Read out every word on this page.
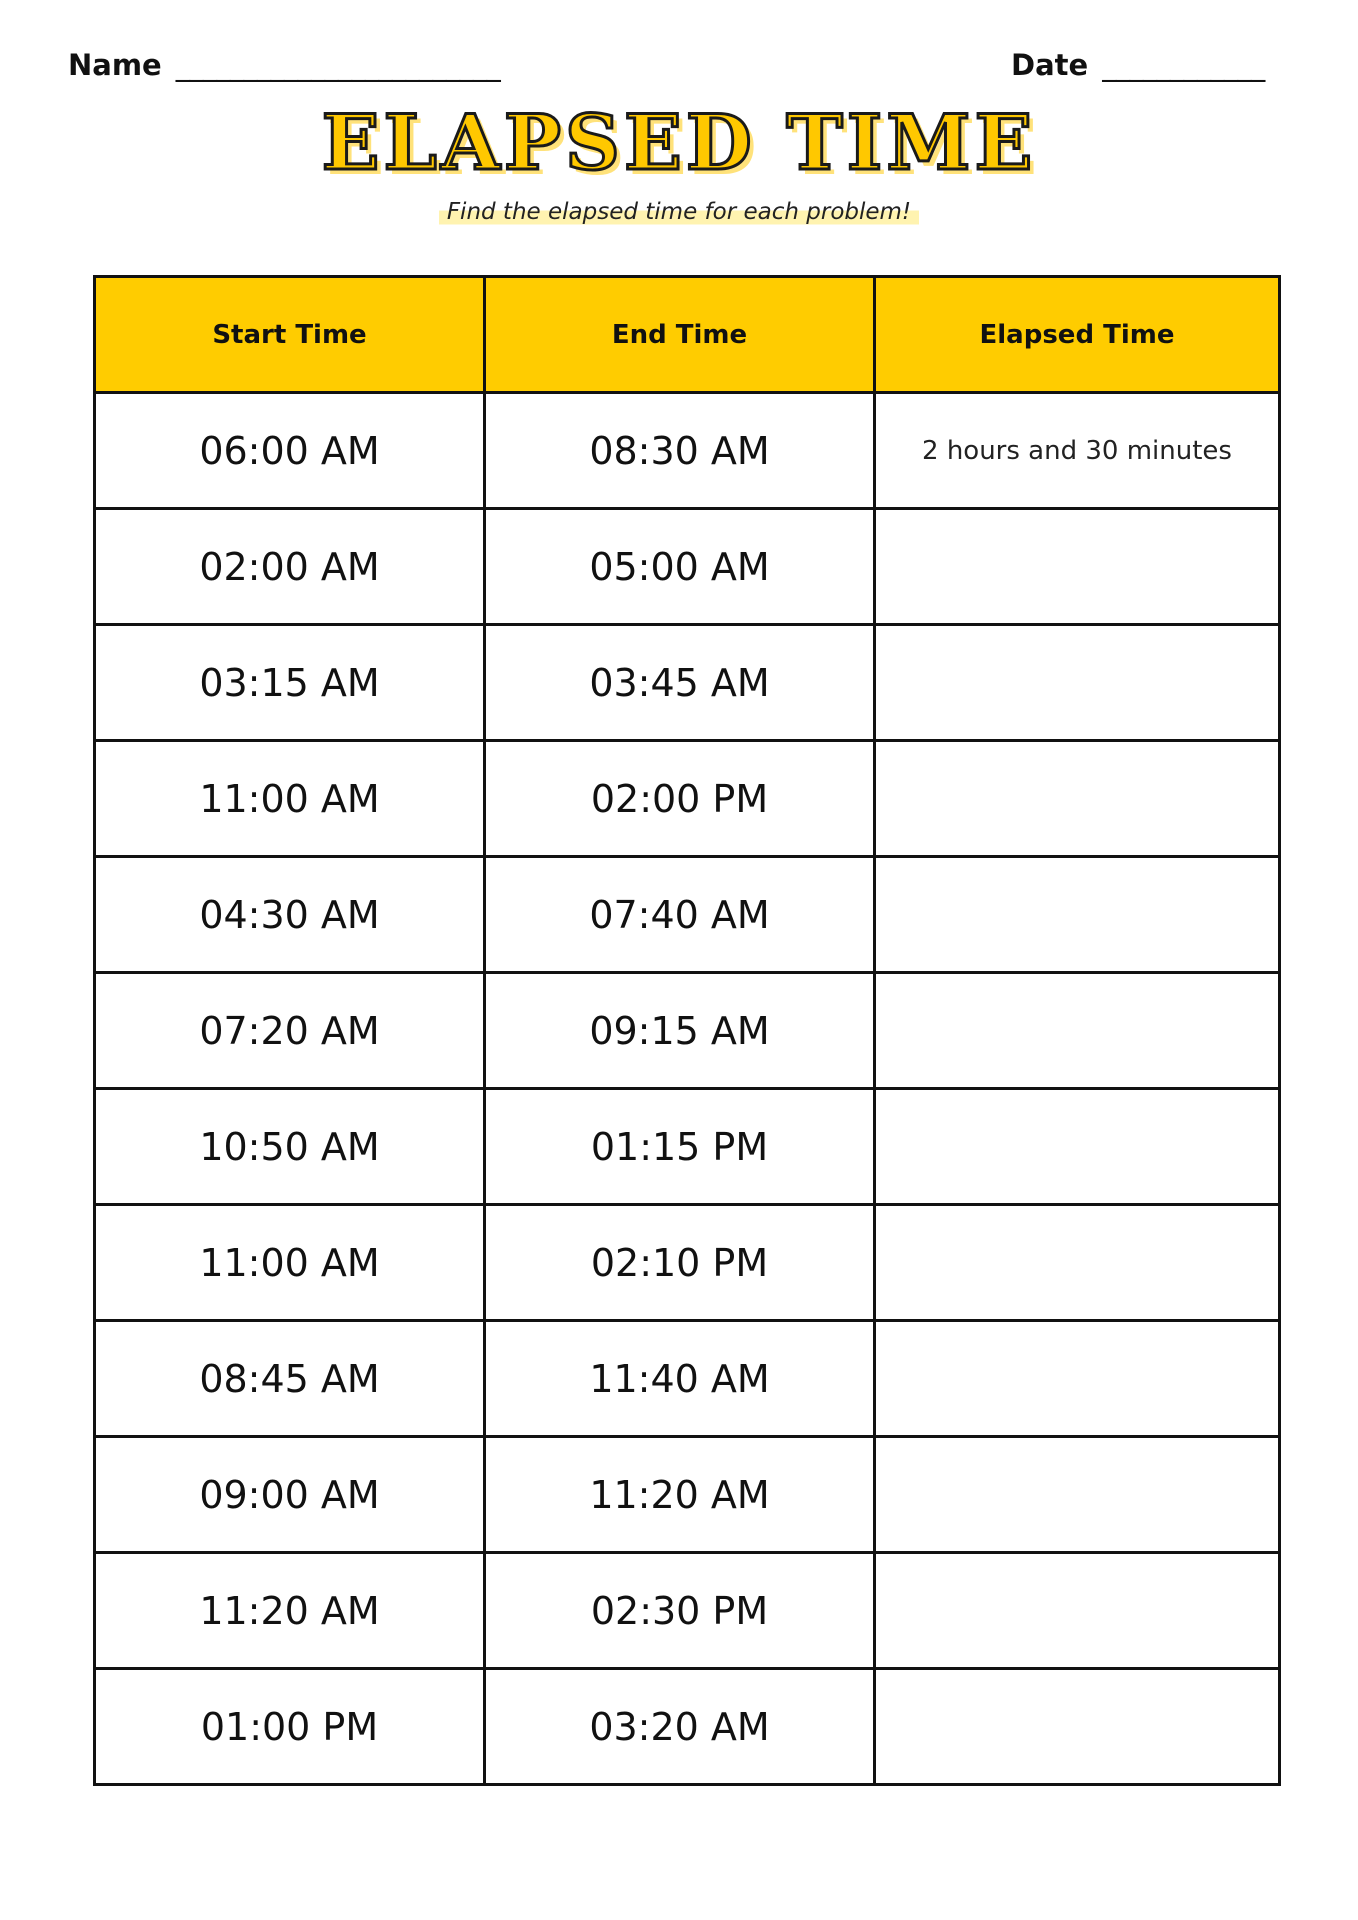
Name ________________________	Date ____________
ELAPSED TIME
Find the elapsed time for each problem!
Start Time	End Time	Elapsed Time
06:00 AM	08:30 AM	2 hours and 30 minutes
02:00 AM	05:00 AM	
03:15 AM	03:45 AM	
11:00 AM	02:00 PM	
04:30 AM	07:40 AM	
07:20 AM	09:15 AM	
10:50 AM	01:15 PM	
11:00 AM	02:10 PM	
08:45 AM	11:40 AM	
09:00 AM	11:20 AM	
11:20 AM	02:30 PM	
01:00 PM	03:20 AM	
